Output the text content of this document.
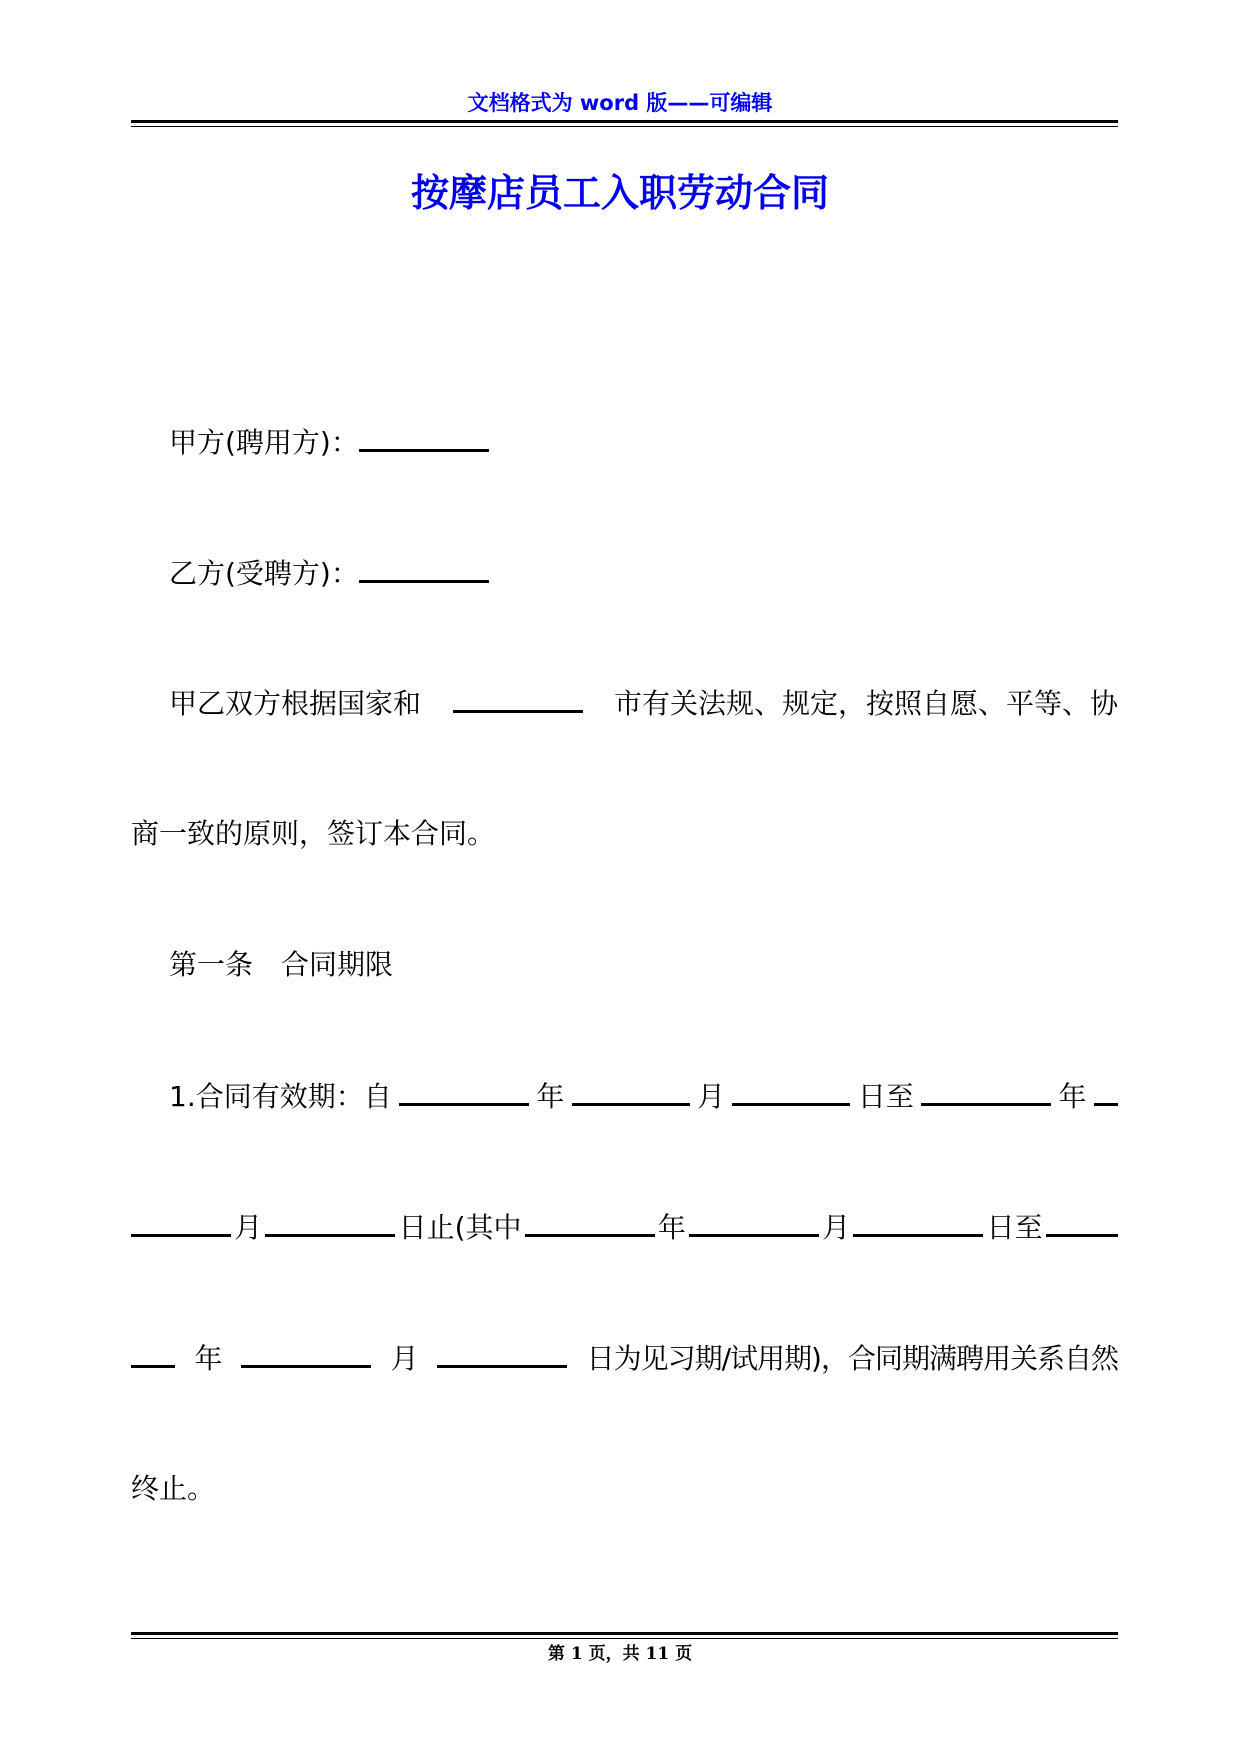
文档格式为 word 版——可编辑
按摩店员工入职劳动合同
甲方(聘用方)：
乙方(受聘方)：
甲乙双方根据国家和	市有关法规、规定，按照自愿、平等、协
商一致的原则，签订本合同。
第一条　合同期限
1.合同有效期：自	年	月	日至	年
月	日止(其中	年	月	日至
年	月	日为见习期/试用期)，合同期满聘用关系自然
终止。
第 1 页，共 11 页
